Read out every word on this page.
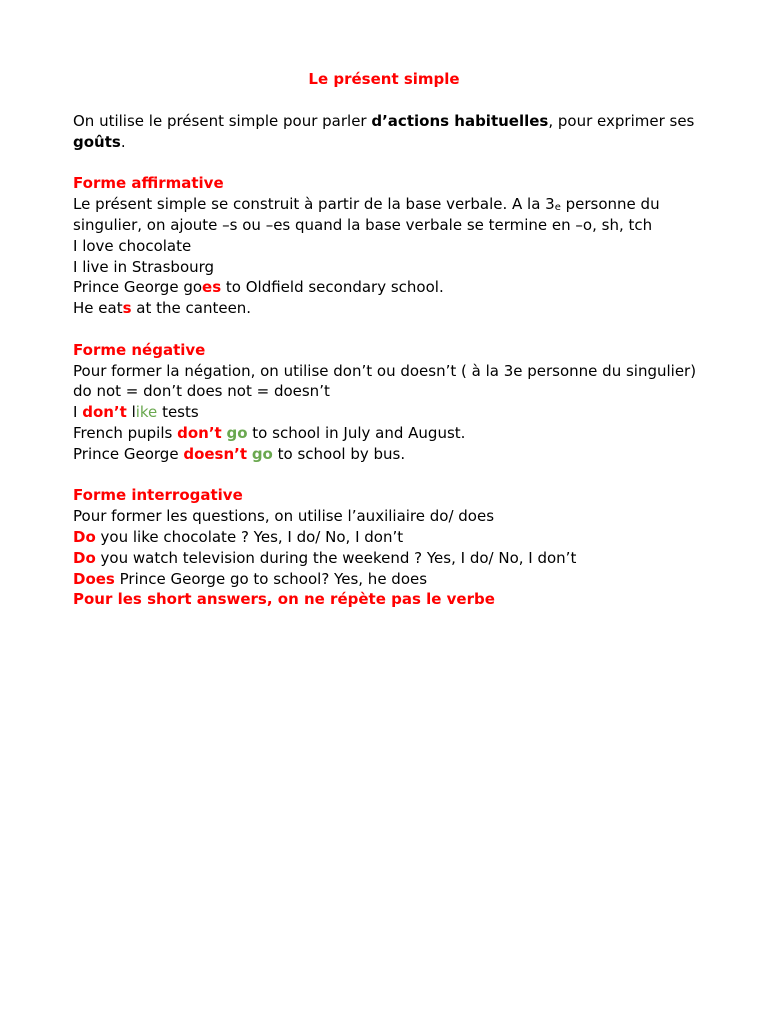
Le présent simple
On utilise le présent simple pour parler d’actions habituelles, pour exprimer ses
goûts.
Forme affirmative
Le présent simple se construit à partir de la base verbale. A la 3e personne du
singulier, on ajoute –s ou –es quand la base verbale se termine en –o, sh, tch
I love chocolate
I live in Strasbourg
Prince George goes to Oldfield secondary school.
He eats at the canteen.
Forme négative
Pour former la négation, on utilise don’t ou doesn’t ( à la 3e personne du singulier)
do not = don’t does not = doesn’t
I don’t like tests
French pupils don’t go to school in July and August.
Prince George doesn’t go to school by bus.
Forme interrogative
Pour former les questions, on utilise l’auxiliaire do/ does
Do you like chocolate ? Yes, I do/ No, I don’t
Do you watch television during the weekend ? Yes, I do/ No, I don’t
Does Prince George go to school? Yes, he does
Pour les short answers, on ne répète pas le verbe
